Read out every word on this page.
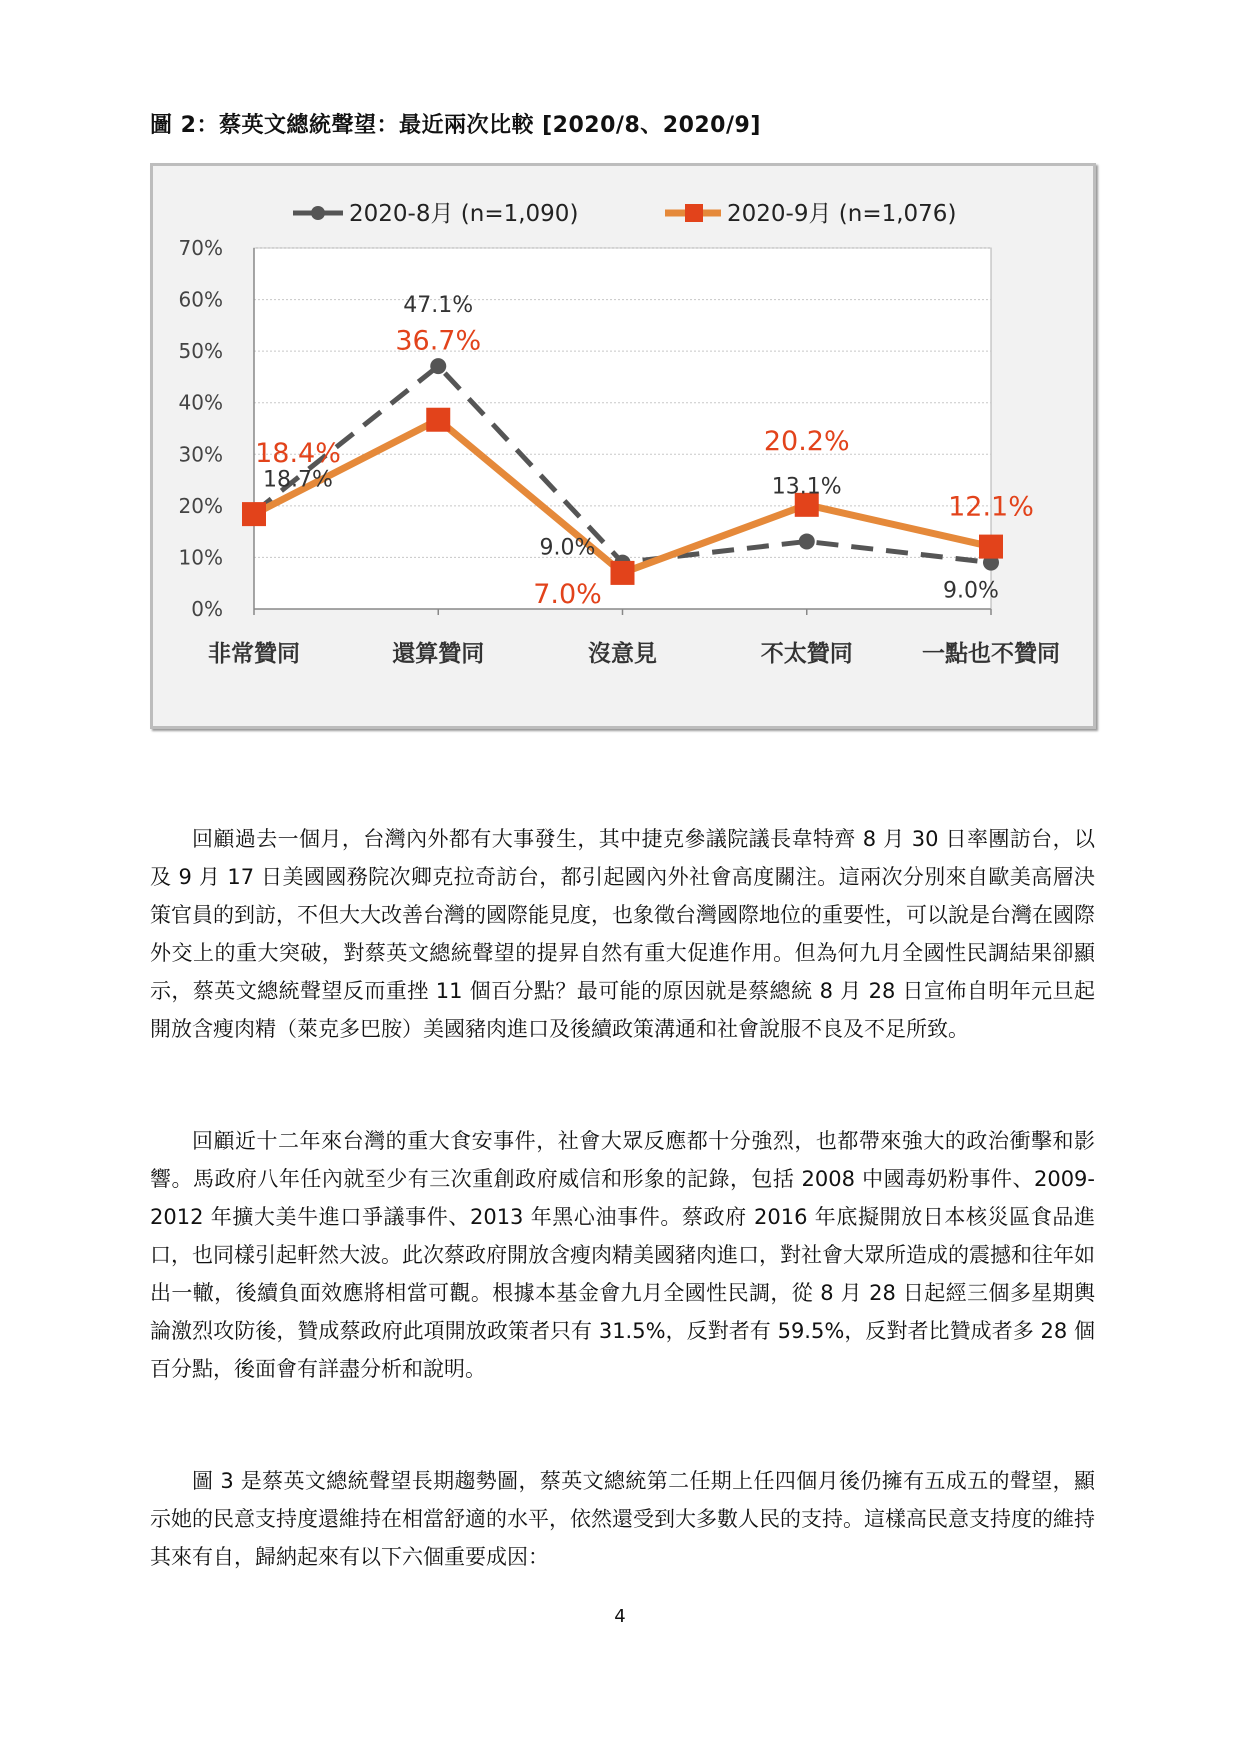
圖 2：蔡英文總統聲望：最近兩次比較 [2020/8、2020/9]
0%
10%
20%
30%
40%
50%
60%
70%
非常贊同	還算贊同	沒意見	不太贊同	一點也不贊同
18.7%
47.1%
9.0%
13.1%
9.0%
18.4%
36.7%
7.0%
20.2%
12.1%
2020-8月 (n=1,090)	2020-9月 (n=1,076)

回顧過去一個月，台灣內外都有大事發生，其中捷克參議院議長韋特齊 8 月 30 日率團訪台，以及 9 月 17 日美國國務院次卿克拉奇訪台，都引起國內外社會高度關注。這兩次分別來自歐美高層決策官員的到訪，不但大大改善台灣的國際能見度，也象徵台灣國際地位的重要性，可以說是台灣在國際外交上的重大突破，對蔡英文總統聲望的提昇自然有重大促進作用。但為何九月全國性民調結果卻顯示，蔡英文總統聲望反而重挫 11 個百分點？最可能的原因就是蔡總統 8 月 28 日宣佈自明年元旦起開放含瘦肉精（萊克多巴胺）美國豬肉進口及後續政策溝通和社會說服不良及不足所致。

回顧近十二年來台灣的重大食安事件，社會大眾反應都十分強烈，也都帶來強大的政治衝擊和影響。馬政府八年任內就至少有三次重創政府威信和形象的記錄，包括 2008 中國毒奶粉事件、2009-2012 年擴大美牛進口爭議事件、2013 年黑心油事件。蔡政府 2016 年底擬開放日本核災區食品進口，也同樣引起軒然大波。此次蔡政府開放含瘦肉精美國豬肉進口，對社會大眾所造成的震撼和往年如出一轍，後續負面效應將相當可觀。根據本基金會九月全國性民調，從 8 月 28 日起經三個多星期輿論激烈攻防後，贊成蔡政府此項開放政策者只有 31.5%，反對者有 59.5%，反對者比贊成者多 28 個百分點，後面會有詳盡分析和說明。

圖 3 是蔡英文總統聲望長期趨勢圖，蔡英文總統第二任期上任四個月後仍擁有五成五的聲望，顯示她的民意支持度還維持在相當舒適的水平，依然還受到大多數人民的支持。這樣高民意支持度的維持其來有自，歸納起來有以下六個重要成因：

4
